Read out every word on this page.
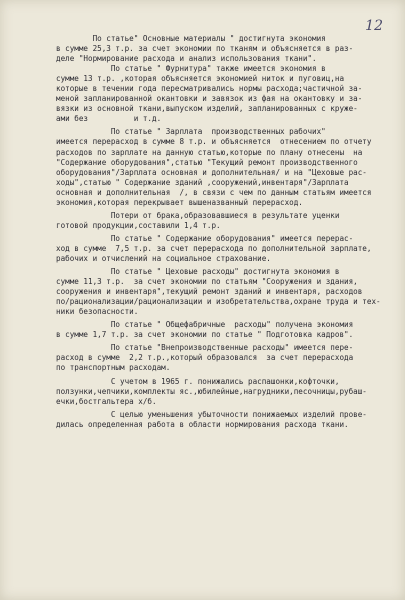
12
По статье" Основные материалы " достигнута экономия
в сумме 25,3 т.р. за счет экономии по тканям и объясняется в раз-
деле "Нормирование расхода и анализ использования ткани".
По статье " Фурнитура" также имеется экономия в
сумме 13 т.р. ,которая объясняется экономией ниток и пуговиц,на
которые в течении года пересматривались нормы расхода;частичной за-
меной запланированной окантовки и завязок из фая на окантовку и за-
вязки из основной ткани,выпуском изделий, запланированных с круже-
ами без          и т.д.
По статье " Зарплата  производственных рабочих"
имеется перерасход в сумме 8 т.р. и объясняется  отнесением по отчету
расходов по зарплате на данную статью,которые по плану отнесены  на
"Содержание оборудования",статью "Текущий ремонт производственного
оборудования"/Зарплата основная и дополнительная/ и на "Цеховые рас-
ходы",статью " Содержание зданий ,сооружений,инвентаря"/Зарплата
основная и дополнительная  /, в связи с чем по данным статьям имеется
экономия,которая перекрывает вышеназванный перерасход.
Потери от брака,образовавшиеся в результате уценки
готовой продукции,составили 1,4 т.р.
По статье " Содержание оборудования" имеется перерас-
ход в сумме  7,5 т.р. за счет перерасхода по дополнительной зарплате,
рабочих и отчислений на социальное страхование.
По статье " Цеховые расходы" достигнута экономия в
сумме 11,3 т.р.  за счет экономии по статьям "Сооружения и здания,
сооружения и инвентаря",текущий ремонт зданий и инвентаря, расходов
по/рационализации/рационализации и изобретательства,охране труда и тех-
ники безопасности.
По статье " Общефабричные  расходы" получена экономия
в сумме 1,7 т.р. за счет экономии по статье " Подготовка кадров".
По статье "Внепроизводственные расходы" имеется пере-
расход в сумме  2,2 т.р.,который образовался  за счет перерасхода
по транспортным расходам.
С учетом в 1965 г. понижались распашонки,кофточки,
ползунки,чепчики,комплекты яс.,юбилейные,нагрудники,песочницы,рубаш-
ечки,бостгальтера х/б.
С целью уменьшения убыточности понижаемых изделий прове-
дилась определенная работа в области нормирования расхода ткани.
